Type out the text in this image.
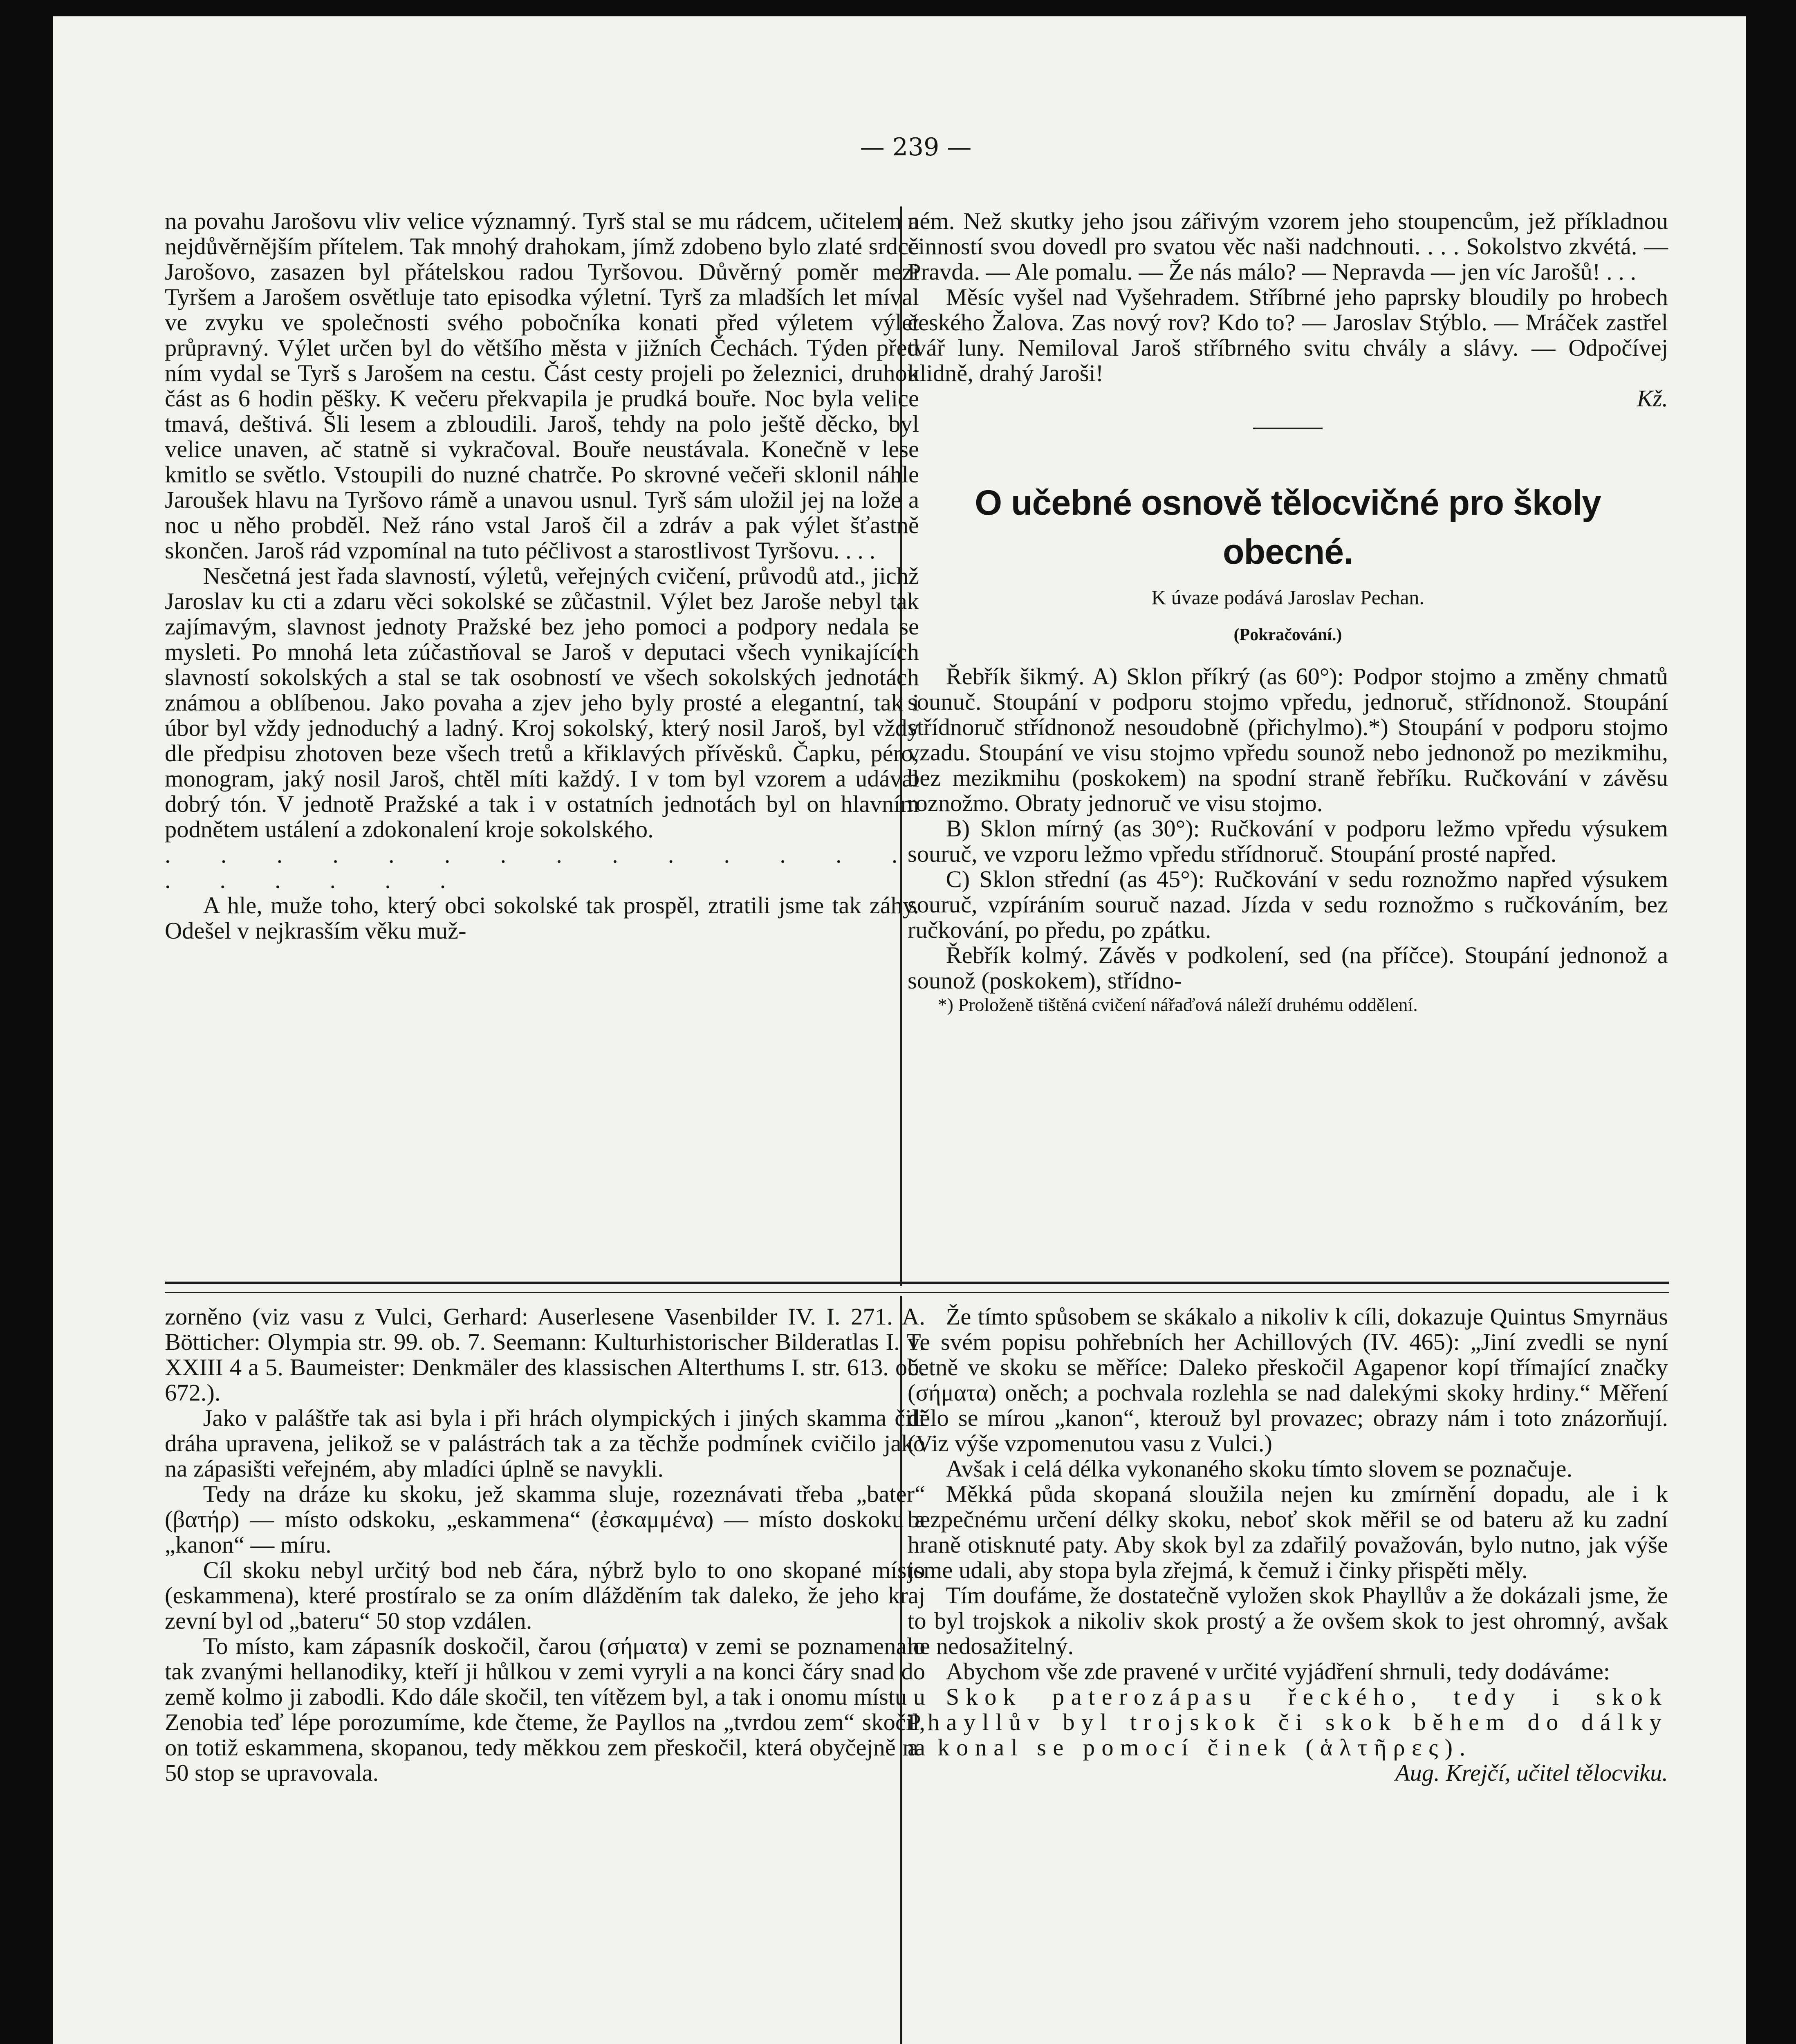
— 239 —

na povahu Jarošovu vliv velice významný. Tyrš stal se mu rádcem, učitelem a nejdůvěrnějším přítelem. Tak mnohý drahokam, jímž zdobeno bylo zlaté srdce Jarošovo, zasazen byl přátelskou radou Tyršovou. Důvěrný poměr mezi Tyršem a Jarošem osvětluje tato episodka výletní. Tyrš za mladších let míval ve zvyku ve společnosti svého pobočníka konati před výletem výlet průpravný. Výlet určen byl do většího města v jižních Čechách. Týden před ním vydal se Tyrš s Jarošem na cestu. Část cesty projeli po železnici, druhou část as 6 hodin pěšky. K večeru překvapila je prudká bouře. Noc byla velice tmavá, deštivá. Šli lesem a zbloudili. Jaroš, tehdy na polo ještě děcko, byl velice unaven, ač statně si vykračoval. Bouře neustávala. Konečně v lese kmitlo se světlo. Vstoupili do nuzné chatrče. Po skrovné večeři sklonil náhle Jaroušek hlavu na Tyršovo rámě a unavou usnul. Tyrš sám uložil jej na lože a noc u něho probděl. Než ráno vstal Jaroš čil a zdráv a pak výlet šťastně skončen. Jaroš rád vzpomínal na tuto péčlivost a starostlivost Tyršovu. . . .

Nesčetná jest řada slavností, výletů, veřejných cvičení, průvodů atd., jichž Jaroslav ku cti a zdaru věci sokolské se zůčastnil. Výlet bez Jaroše nebyl tak zajímavým, slavnost jednoty Pražské bez jeho pomoci a podpory nedala se mysleti. Po mnohá leta zúčastňoval se Jaroš v deputaci všech vynikajících slavností sokolských a stal se tak osobností ve všech sokolských jednotách známou a oblíbenou. Jako povaha a zjev jeho byly prosté a elegantní, tak i úbor byl vždy jednoduchý a ladný. Kroj sokolský, který nosil Jaroš, byl vždy dle předpisu zhotoven beze všech tretů a křiklavých přívěsků. Čapku, péro, monogram, jaký nosil Jaroš, chtěl míti každý. I v tom byl vzorem a udával dobrý tón. V jednotě Pražské a tak i v ostatních jednotách byl on hlavním podnětem ustálení a zdokonalení kroje sokolského.

. . . . . . . . . . . . . . . . . . . .

A hle, muže toho, který obci sokolské tak prospěl, ztratili jsme tak záhy. Odešel v nejkrasším věku muž-

ném. Než skutky jeho jsou zářivým vzorem jeho stoupencům, jež příkladnou činností svou dovedl pro svatou věc naši nadchnouti. . . . Sokolstvo zkvétá. — Pravda. — Ale pomalu. — Že nás málo? — Nepravda — jen víc Jarošů! . . .

Měsíc vyšel nad Vyšehradem. Stříbrné jeho paprsky bloudily po hrobech českého Žalova. Zas nový rov? Kdo to? — Jaroslav Stýblo. — Mráček zastřel tvář luny. Nemiloval Jaroš stříbrného svitu chvály a slávy. — Odpočívej klidně, drahý Jaroši!

Kž.

O učebné osnově tělocvičné pro školy obecné.
K úvaze podává Jaroslav Pechan.
(Pokračování.)

Řebřík šikmý. A) Sklon příkrý (as 60°): Podpor stojmo a změny chmatů sounuč. Stoupání v podporu stojmo vpředu, jednoruč, střídnonož. Stoupání střídnoruč střídnonož nesoudobně (přichylmo).*) Stoupání v podporu stojmo vzadu. Stoupání ve visu stojmo vpředu sounož nebo jednonož po mezikmihu, bez mezikmihu (poskokem) na spodní straně řebříku. Ručkování v závěsu roznožmo. Obraty jednoruč ve visu stojmo.

B) Sklon mírný (as 30°): Ručkování v podporu ležmo vpředu výsukem souruč, ve vzporu ležmo vpředu střídnoruč. Stoupání prosté napřed.

C) Sklon střední (as 45°): Ručkování v sedu roznožmo napřed výsukem souruč, vzpíráním souruč nazad. Jízda v sedu roznožmo s ručkováním, bez ručkování, po předu, po zpátku.

Řebřík kolmý. Závěs v podkolení, sed (na příčce). Stoupání jednonož a sounož (poskokem), střídno-

*) Proloženě tištěná cvičení nářaďová náleží druhému oddělení.

zorněno (viz vasu z Vulci, Gerhard: Auserlesene Vasenbilder IV. I. 271. A. Bötticher: Olympia str. 99. ob. 7. Seemann: Kulturhistorischer Bilderatlas I. T. XXIII 4 a 5. Baumeister: Denkmäler des klassischen Alterthums I. str. 613. ob. 672.).

Jako v paláštře tak asi byla i při hrách olympických i jiných skamma čili dráha upravena, jelikož se v palástrách tak a za těchže podmínek cvičilo jako na zápasišti veřejném, aby mladíci úplně se navykli.

Tedy na dráze ku skoku, jež skamma sluje, rozeznávati třeba „bater“ (βατήρ) — místo odskoku, „eskammena“ (ἐσκαμμένα) — místo doskoku a „kanon“ — míru.

Cíl skoku nebyl určitý bod neb čára, nýbrž bylo to ono skopané místo (eskammena), které prostíralo se za oním dlážděním tak daleko, že jeho kraj zevní byl od „bateru“ 50 stop vzdálen.

To místo, kam zápasník doskočil, čarou (σήματα) v zemi se poznamenalo tak zvanými hellanodiky, kteří ji hůlkou v zemi vyryli a na konci čáry snad do země kolmo ji zabodli. Kdo dále skočil, ten vítězem byl, a tak i onomu místu u Zenobia teď lépe porozumíme, kde čteme, že Payllos na „tvrdou zem“ skočil, on totiž eskammena, skopanou, tedy měkkou zem přeskočil, která obyčejně na 50 stop se upravovala.

Že tímto spůsobem se skákalo a nikoliv k cíli, dokazuje Quintus Smyrnäus ve svém popisu pohřebních her Achillových (IV. 465): „Jiní zvedli se nyní četně ve skoku se měříce: Daleko přeskočil Agapenor kopí třímající značky (σήματα) oněch; a pochvala rozlehla se nad dalekými skoky hrdiny.“ Měření dělo se mírou „kanon“, kterouž byl provazec; obrazy nám i toto znázorňují. (Viz výše vzpomenutou vasu z Vulci.)

Avšak i celá délka vykonaného skoku tímto slovem se poznačuje.

Měkká půda skopaná sloužila nejen ku zmírnění dopadu, ale i k bezpečnému určení délky skoku, neboť skok měřil se od bateru až ku zadní hraně otisknuté paty. Aby skok byl za zdařilý považován, bylo nutno, jak výše jsme udali, aby stopa byla zřejmá, k čemuž i činky přispěti měly.

Tím doufáme, že dostatečně vyložen skok Phayllův a že dokázali jsme, že to byl trojskok a nikoliv skok prostý a že ovšem skok to jest ohromný, avšak ne nedosažitelný.

Abychom vše zde pravené v určité vyjádření shrnuli, tedy dodáváme:

Skok paterozápasu řeckého, tedy i skok Phayllův byl trojskok či skok během do dálky a konal se pomocí činek (ἁλτῆρες).

Aug. Krejčí, učitel tělocviku.
